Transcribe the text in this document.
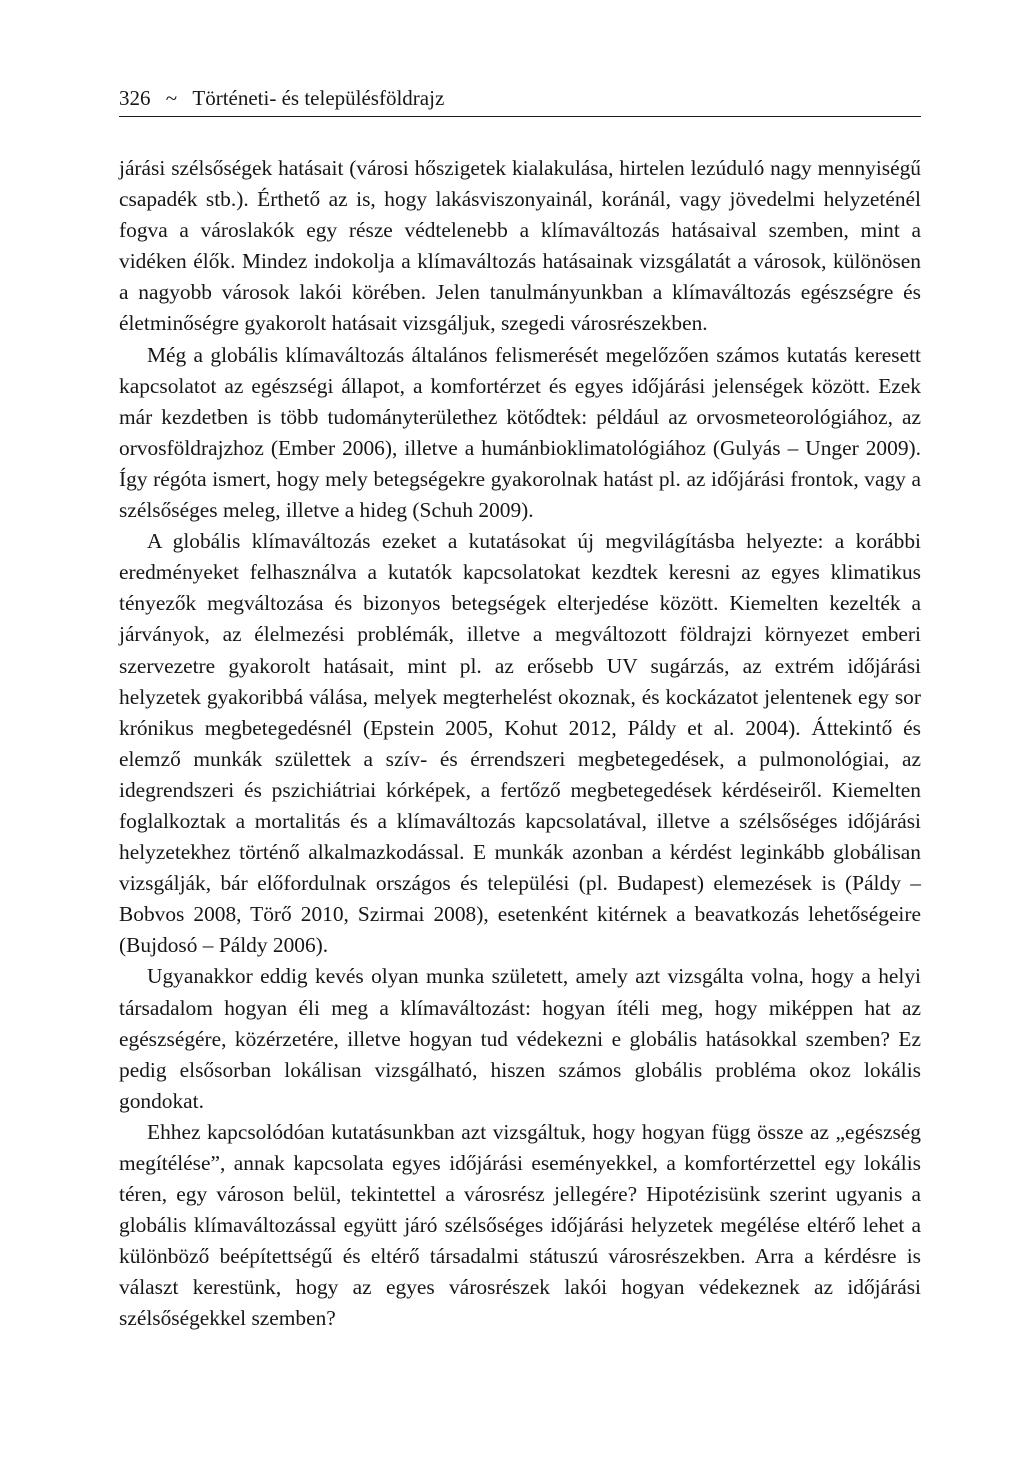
326 ~ Történeti- és településföldrajz

járási szélsőségek hatásait (városi hőszigetek kialakulása, hirtelen lezúduló nagy mennyiségű csapadék stb.). Érthető az is, hogy lakásviszonyainál, koránál, vagy jövedelmi helyzeténél fogva a városlakók egy része védtelenebb a klímaváltozás hatásaival szemben, mint a vidéken élők. Mindez indokolja a klímaváltozás hatásainak vizsgálatát a városok, különösen a nagyobb városok lakói körében. Jelen tanulmányunkban a klímaváltozás egészségre és életminőségre gyakorolt hatásait vizsgáljuk, szegedi városrészekben.

Még a globális klímaváltozás általános felismerését megelőzően számos kutatás keresett kapcsolatot az egészségi állapot, a komfortérzet és egyes időjárási jelenségek között. Ezek már kezdetben is több tudományterülethez kötődtek: például az orvosmeteorológiához, az orvosföldrajzhoz (Ember 2006), illetve a humánbioklimatológiához (Gulyás – Unger 2009). Így régóta ismert, hogy mely betegségekre gyakorolnak hatást pl. az időjárási frontok, vagy a szélsőséges meleg, illetve a hideg (Schuh 2009).

A globális klímaváltozás ezeket a kutatásokat új megvilágításba helyezte: a korábbi eredményeket felhasználva a kutatók kapcsolatokat kezdtek keresni az egyes klimatikus tényezők megváltozása és bizonyos betegségek elterjedése között. Kiemelten kezelték a járványok, az élelmezési problémák, illetve a megváltozott földrajzi környezet emberi szervezetre gyakorolt hatásait, mint pl. az erősebb UV sugárzás, az extrém időjárási helyzetek gyakoribbá válása, melyek megterhelést okoznak, és kockázatot jelentenek egy sor krónikus megbetegedésnél (Epstein 2005, Kohut 2012, Páldy et al. 2004). Áttekintő és elemző munkák születtek a szív- és érrendszeri megbetegedések, a pulmonológiai, az idegrendszeri és pszichiátriai kórképek, a fertőző megbetegedések kérdéseiről. Kiemelten foglalkoztak a mortalitás és a klímaváltozás kapcsolatával, illetve a szélsőséges időjárási helyzetekhez történő alkalmazkodással. E munkák azonban a kérdést leginkább globálisan vizsgálják, bár előfordulnak országos és települési (pl. Budapest) elemezések is (Páldy – Bobvos 2008, Törő 2010, Szirmai 2008), esetenként kitérnek a beavatkozás lehetőségeire (Bujdosó – Páldy 2006).

Ugyanakkor eddig kevés olyan munka született, amely azt vizsgálta volna, hogy a helyi társadalom hogyan éli meg a klímaváltozást: hogyan ítéli meg, hogy miképpen hat az egészségére, közérzetére, illetve hogyan tud védekezni e globális hatásokkal szemben? Ez pedig elsősorban lokálisan vizsgálható, hiszen számos globális probléma okoz lokális gondokat.

Ehhez kapcsolódóan kutatásunkban azt vizsgáltuk, hogy hogyan függ össze az „egészség megítélése”, annak kapcsolata egyes időjárási eseményekkel, a komfortérzettel egy lokális téren, egy városon belül, tekintettel a városrész jellegére? Hipotézisünk szerint ugyanis a globális klímaváltozással együtt járó szélsőséges időjárási helyzetek megélése eltérő lehet a különböző beépítettségű és eltérő társadalmi státuszú városrészekben. Arra a kérdésre is választ kerestünk, hogy az egyes városrészek lakói hogyan védekeznek az időjárási szélsőségekkel szemben?
